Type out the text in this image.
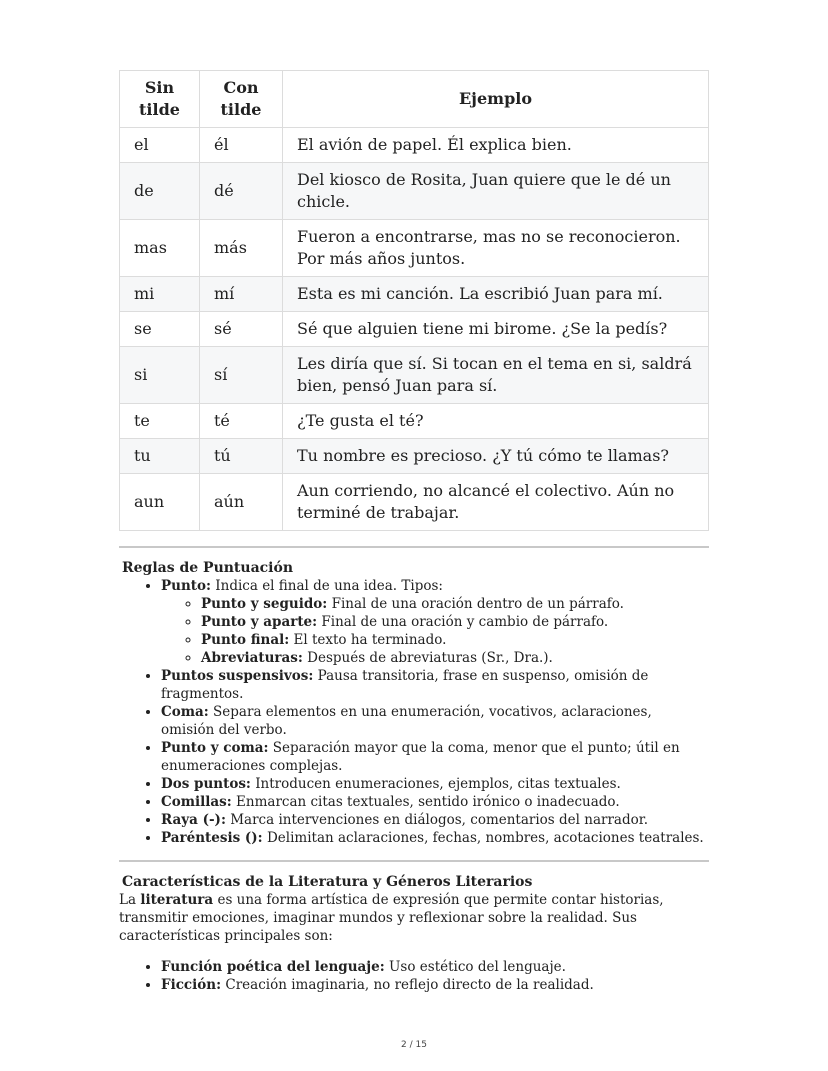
Sin tilde	Con tilde	Ejemplo
el	él	El avión de papel. Él explica bien.
de	dé	Del kiosco de Rosita, Juan quiere que le dé un chicle.
mas	más	Fueron a encontrarse, mas no se reconocieron. Por más años juntos.
mi	mí	Esta es mi canción. La escribió Juan para mí.
se	sé	Sé que alguien tiene mi birome. ¿Se la pedís?
si	sí	Les diría que sí. Si tocan en el tema en si, saldrá bien, pensó Juan para sí.
te	té	¿Te gusta el té?
tu	tú	Tu nombre es precioso. ¿Y tú cómo te llamas?
aun	aún	Aun corriendo, no alcancé el colectivo. Aún no terminé de trabajar.

Reglas de Puntuación

• Punto: Indica el final de una idea. Tipos:
◦ Punto y seguido: Final de una oración dentro de un párrafo.
◦ Punto y aparte: Final de una oración y cambio de párrafo.
◦ Punto final: El texto ha terminado.
◦ Abreviaturas: Después de abreviaturas (Sr., Dra.).
• Puntos suspensivos: Pausa transitoria, frase en suspenso, omisión de fragmentos.
• Coma: Separa elementos en una enumeración, vocativos, aclaraciones, omisión del verbo.
• Punto y coma: Separación mayor que la coma, menor que el punto; útil en enumeraciones complejas.
• Dos puntos: Introducen enumeraciones, ejemplos, citas textuales.
• Comillas: Enmarcan citas textuales, sentido irónico o inadecuado.
• Raya (-): Marca intervenciones en diálogos, comentarios del narrador.
• Paréntesis (): Delimitan aclaraciones, fechas, nombres, acotaciones teatrales.

Características de la Literatura y Géneros Literarios

La literatura es una forma artística de expresión que permite contar historias, transmitir emociones, imaginar mundos y reflexionar sobre la realidad. Sus características principales son:

• Función poética del lenguaje: Uso estético del lenguaje.
• Ficción: Creación imaginaria, no reflejo directo de la realidad.
2 / 15
